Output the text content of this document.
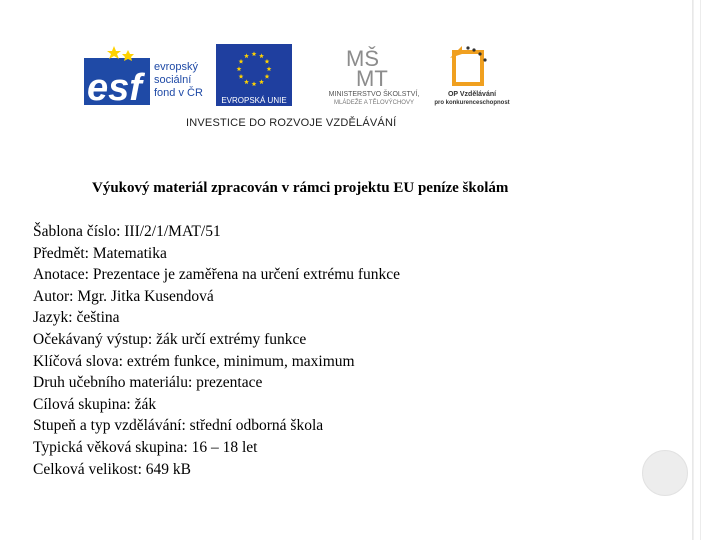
esf	evropský
sociální
fond v ČR
EVROPSKÁ UNIE
MŠ
MT
MINISTERSTVO ŠKOLSTVÍ,
MLÁDEŽE A TĚLOVÝCHOVY
OP Vzdělávání
pro konkurenceschopnost
INVESTICE DO ROZVOJE VZDĚLÁVÁNÍ
Výukový materiál zpracován v rámci projektu EU peníze školám
Šablona číslo: III/2/1/MAT/51
Předmět: Matematika
Anotace: Prezentace je zaměřena na určení extrému funkce
Autor: Mgr. Jitka Kusendová
Jazyk: čeština
Očekávaný výstup: žák určí extrémy funkce
Klíčová slova: extrém funkce, minimum, maximum
Druh učebního materiálu: prezentace
Cílová skupina: žák
Stupeň a typ vzdělávání: střední odborná škola
Typická věková skupina: 16 – 18 let
Celková velikost: 649 kB
